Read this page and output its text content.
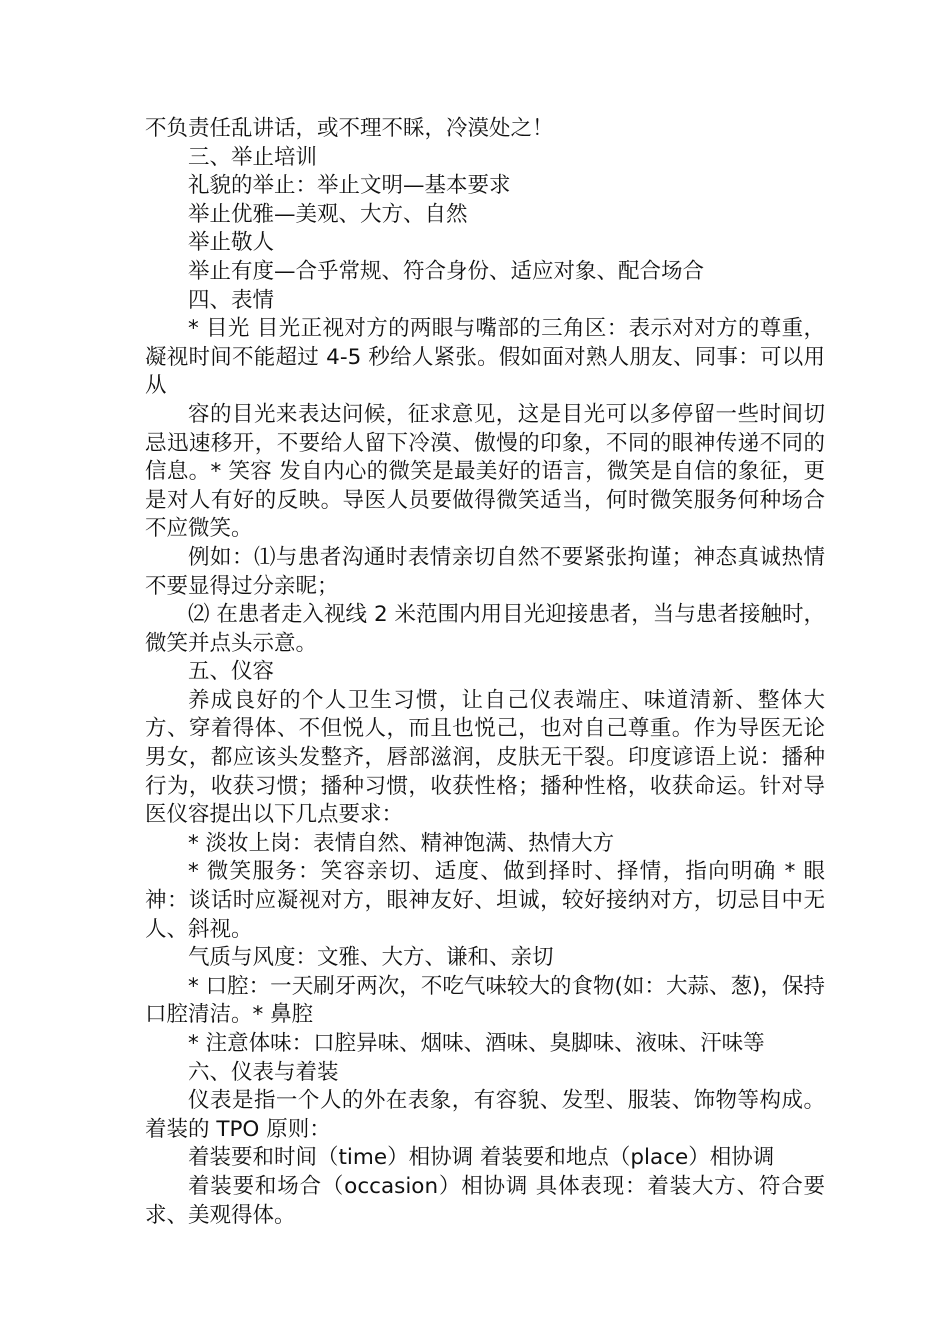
不负责任乱讲话，或不理不睬，冷漠处之！

三、举止培训

礼貌的举止：举止文明—基本要求

举止优雅—美观、大方、自然

举止敬人

举止有度—合乎常规、符合身份、适应对象、配合场合

四、表情

* 目光 目光正视对方的两眼与嘴部的三角区：表示对对方的尊重，凝视时间不能超过 4-5 秒给人紧张。假如面对熟人朋友、同事：可以用从

容的目光来表达问候，征求意见，这是目光可以多停留一些时间切忌迅速移开，不要给人留下冷漠、傲慢的印象，不同的眼神传递不同的信息。* 笑容 发自内心的微笑是最美好的语言，微笑是自信的象征，更是对人有好的反映。导医人员要做得微笑适当，何时微笑服务何种场合不应微笑。

例如：⑴与患者沟通时表情亲切自然不要紧张拘谨；神态真诚热情不要显得过分亲昵；

⑵ 在患者走入视线 2 米范围内用目光迎接患者，当与患者接触时，微笑并点头示意。

五、仪容

养成良好的个人卫生习惯，让自己仪表端庄、味道清新、整体大方、穿着得体、不但悦人，而且也悦己，也对自己尊重。作为导医无论男女，都应该头发整齐，唇部滋润，皮肤无干裂。印度谚语上说：播种行为，收获习惯；播种习惯，收获性格；播种性格，收获命运。针对导医仪容提出以下几点要求：

* 淡妆上岗：表情自然、精神饱满、热情大方

* 微笑服务：笑容亲切、适度、做到择时、择情，指向明确 * 眼神：谈话时应凝视对方，眼神友好、坦诚，较好接纳对方，切忌目中无人、斜视。

气质与风度：文雅、大方、谦和、亲切

* 口腔：一天刷牙两次，不吃气味较大的食物(如：大蒜、葱)，保持口腔清洁。* 鼻腔

* 注意体味：口腔异味、烟味、酒味、臭脚味、液味、汗味等

六、仪表与着装

仪表是指一个人的外在表象，有容貌、发型、服装、饰物等构成。着装的 TPO 原则：

着装要和时间（time）相协调 着装要和地点（place）相协调

着装要和场合（occasion）相协调 具体表现：着装大方、符合要求、美观得体。
